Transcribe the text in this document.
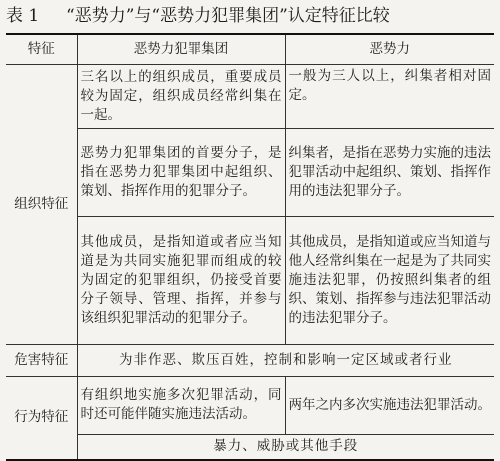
表 1 “恶势力”与“恶势力犯罪集团”认定特征比较
特征	恶势力犯罪集团	恶势力
组织特征	三名以上的组织成员，重要成员较为固定，组织成员经常纠集在一起。	一般为三人以上，纠集者相对固定。
	恶势力犯罪集团的首要分子，是指在恶势力犯罪集团中起组织、策划、指挥作用的犯罪分子。	纠集者，是指在恶势力实施的违法犯罪活动中起组织、策划、指挥作用的违法犯罪分子。
	其他成员，是指知道或者应当知道是为共同实施犯罪而组成的较为固定的犯罪组织，仍接受首要分子领导、管理、指挥，并参与该组织犯罪活动的犯罪分子。	其他成员，是指知道或应当知道与他人经常纠集在一起是为了共同实施违法犯罪，仍按照纠集者的组织、策划、指挥参与违法犯罪活动的违法犯罪分子。
危害特征	为非作恶、欺压百姓，控制和影响一定区域或者行业	
行为特征	有组织地实施多次犯罪活动，同时还可能伴随实施违法活动。	两年之内多次实施违法犯罪活动。
	暴力、威胁或其他手段	
